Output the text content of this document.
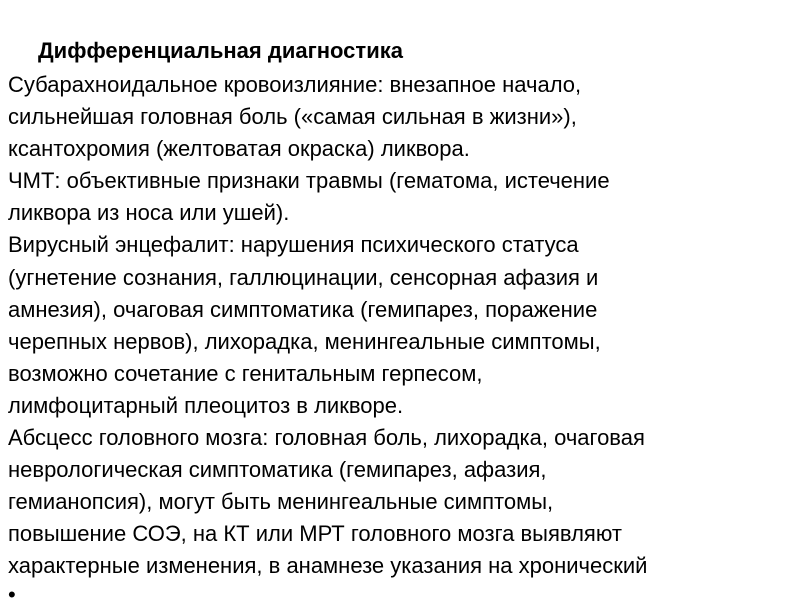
Дифференциальная диагностика
Субарахноидальное кровоизлияние: внезапное начало,
сильнейшая головная боль («самая сильная в жизни»),
ксантохромия (желтоватая окраска) ликвора.
ЧМТ: объективные признаки травмы (гематома, истечение
ликвора из носа или ушей).
Вирусный энцефалит: нарушения психического статуса
(угнетение сознания, галлюцинации, сенсорная афазия и
амнезия), очаговая симптоматика (гемипарез, поражение
черепных нервов), лихорадка, менингеальные симптомы,
возможно сочетание с генитальным герпесом,
лимфоцитарный плеоцитоз в ликворе.
Абсцесс головного мозга: головная боль, лихорадка, очаговая
неврологическая симптоматика (гемипарез, афазия,
гемианопсия), могут быть менингеальные симптомы,
повышение СОЭ, на КТ или МРТ головного мозга выявляют
характерные изменения, в анамнезе указания на хронический
•
